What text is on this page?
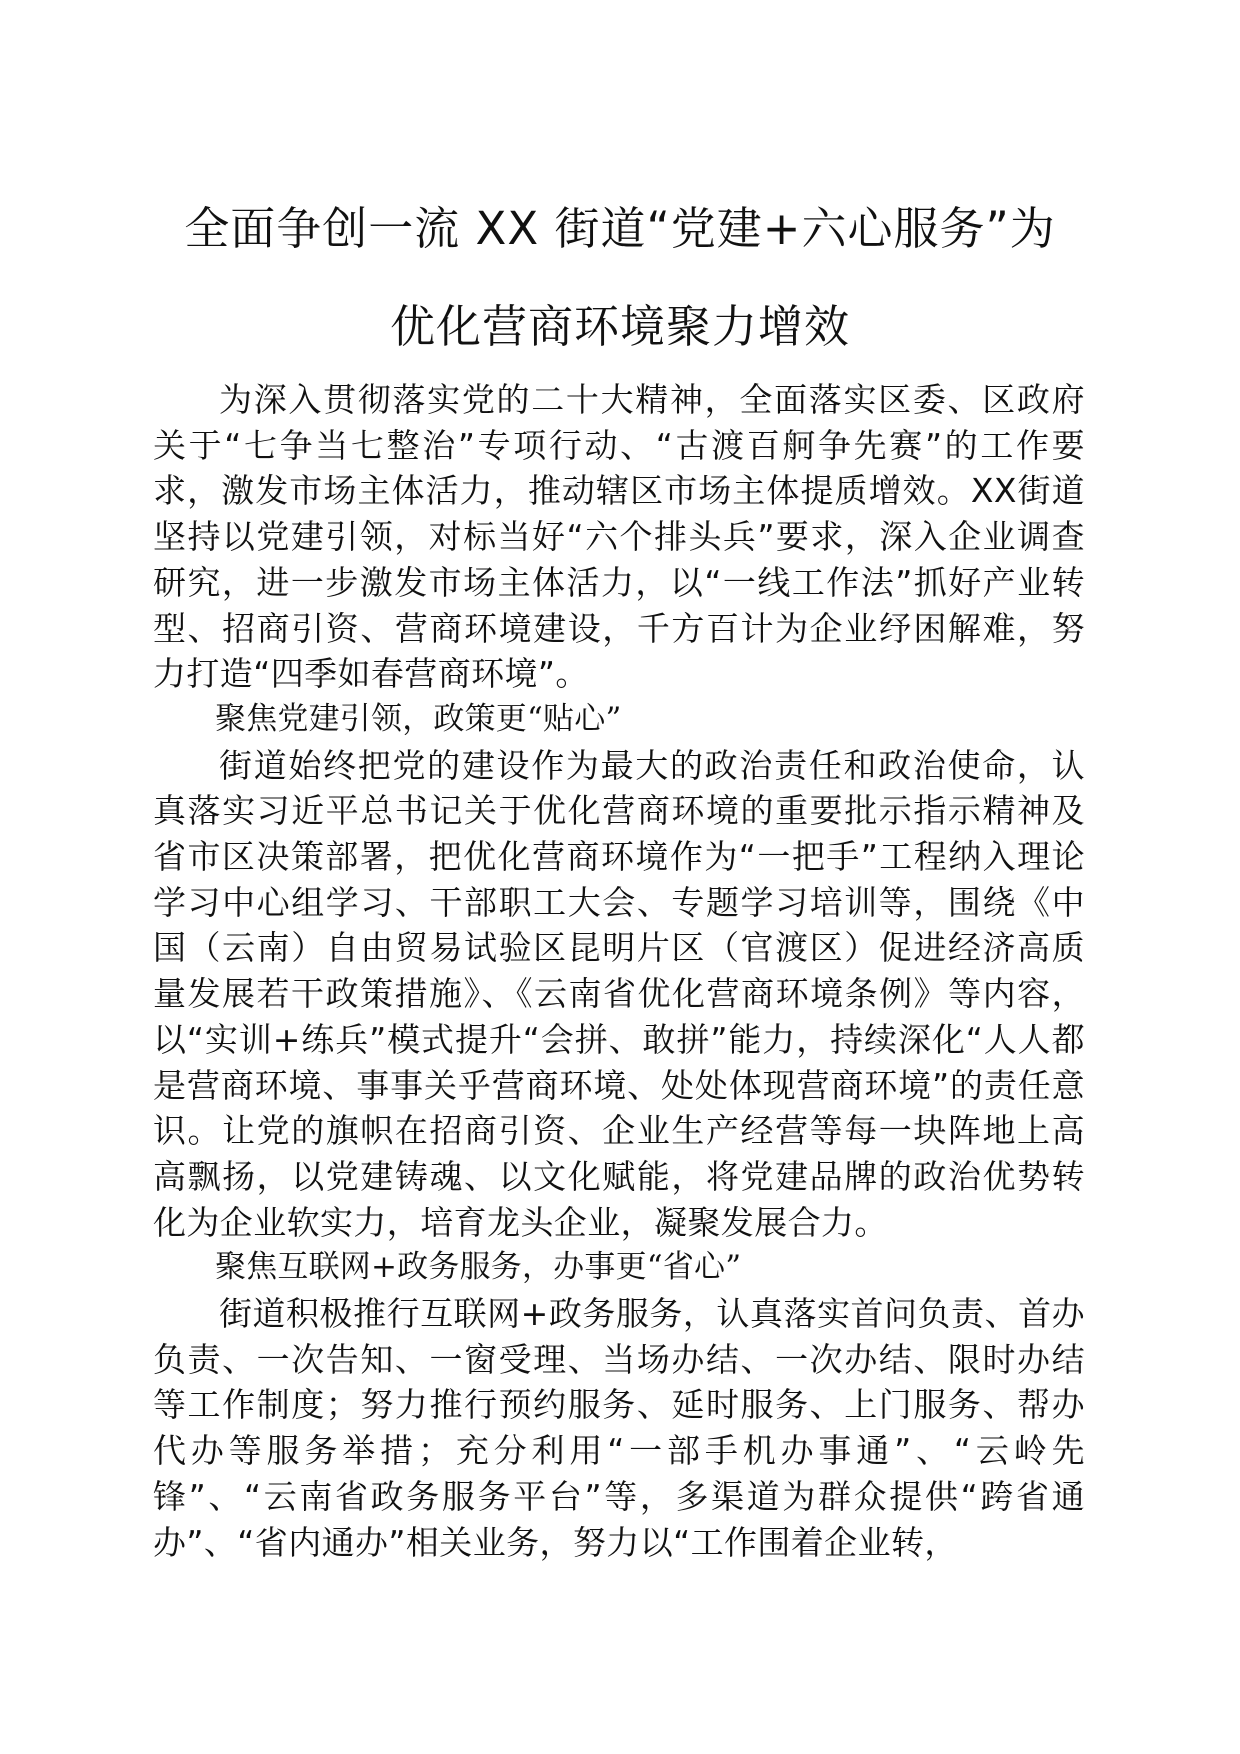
全面争创一流 XX 街道“党建+六心服务”为
优化营商环境聚力增效

为深入贯彻落实党的二十大精神，全面落实区委、区政府关于“七争当七整治”专项行动、“古渡百舸争先赛”的工作要求，激发市场主体活力，推动辖区市场主体提质增效。XX街道坚持以党建引领，对标当好“六个排头兵”要求，深入企业调查研究，进一步激发市场主体活力，以“一线工作法”抓好产业转型、招商引资、营商环境建设，千方百计为企业纾困解难，努力打造“四季如春营商环境”。

聚焦党建引领，政策更“贴心”

街道始终把党的建设作为最大的政治责任和政治使命，认真落实习近平总书记关于优化营商环境的重要批示指示精神及省市区决策部署，把优化营商环境作为“一把手”工程纳入理论学习中心组学习、干部职工大会、专题学习培训等，围绕《中国（云南）自由贸易试验区昆明片区（官渡区）促进经济高质量发展若干政策措施》、《云南省优化营商环境条例》等内容，以“实训+练兵”模式提升“会拼、敢拼”能力，持续深化“人人都是营商环境、事事关乎营商环境、处处体现营商环境”的责任意识。让党的旗帜在招商引资、企业生产经营等每一块阵地上高高飘扬，以党建铸魂、以文化赋能，将党建品牌的政治优势转化为企业软实力，培育龙头企业，凝聚发展合力。

聚焦互联网+政务服务，办事更“省心”

街道积极推行互联网+政务服务，认真落实首问负责、首办负责、一次告知、一窗受理、当场办结、一次办结、限时办结等工作制度；努力推行预约服务、延时服务、上门服务、帮办代办等服务举措；充分利用“一部手机办事通”、“云岭先锋”、“云南省政务服务平台”等，多渠道为群众提供“跨省通办”、“省内通办”相关业务，努力以“工作围着企业转，
